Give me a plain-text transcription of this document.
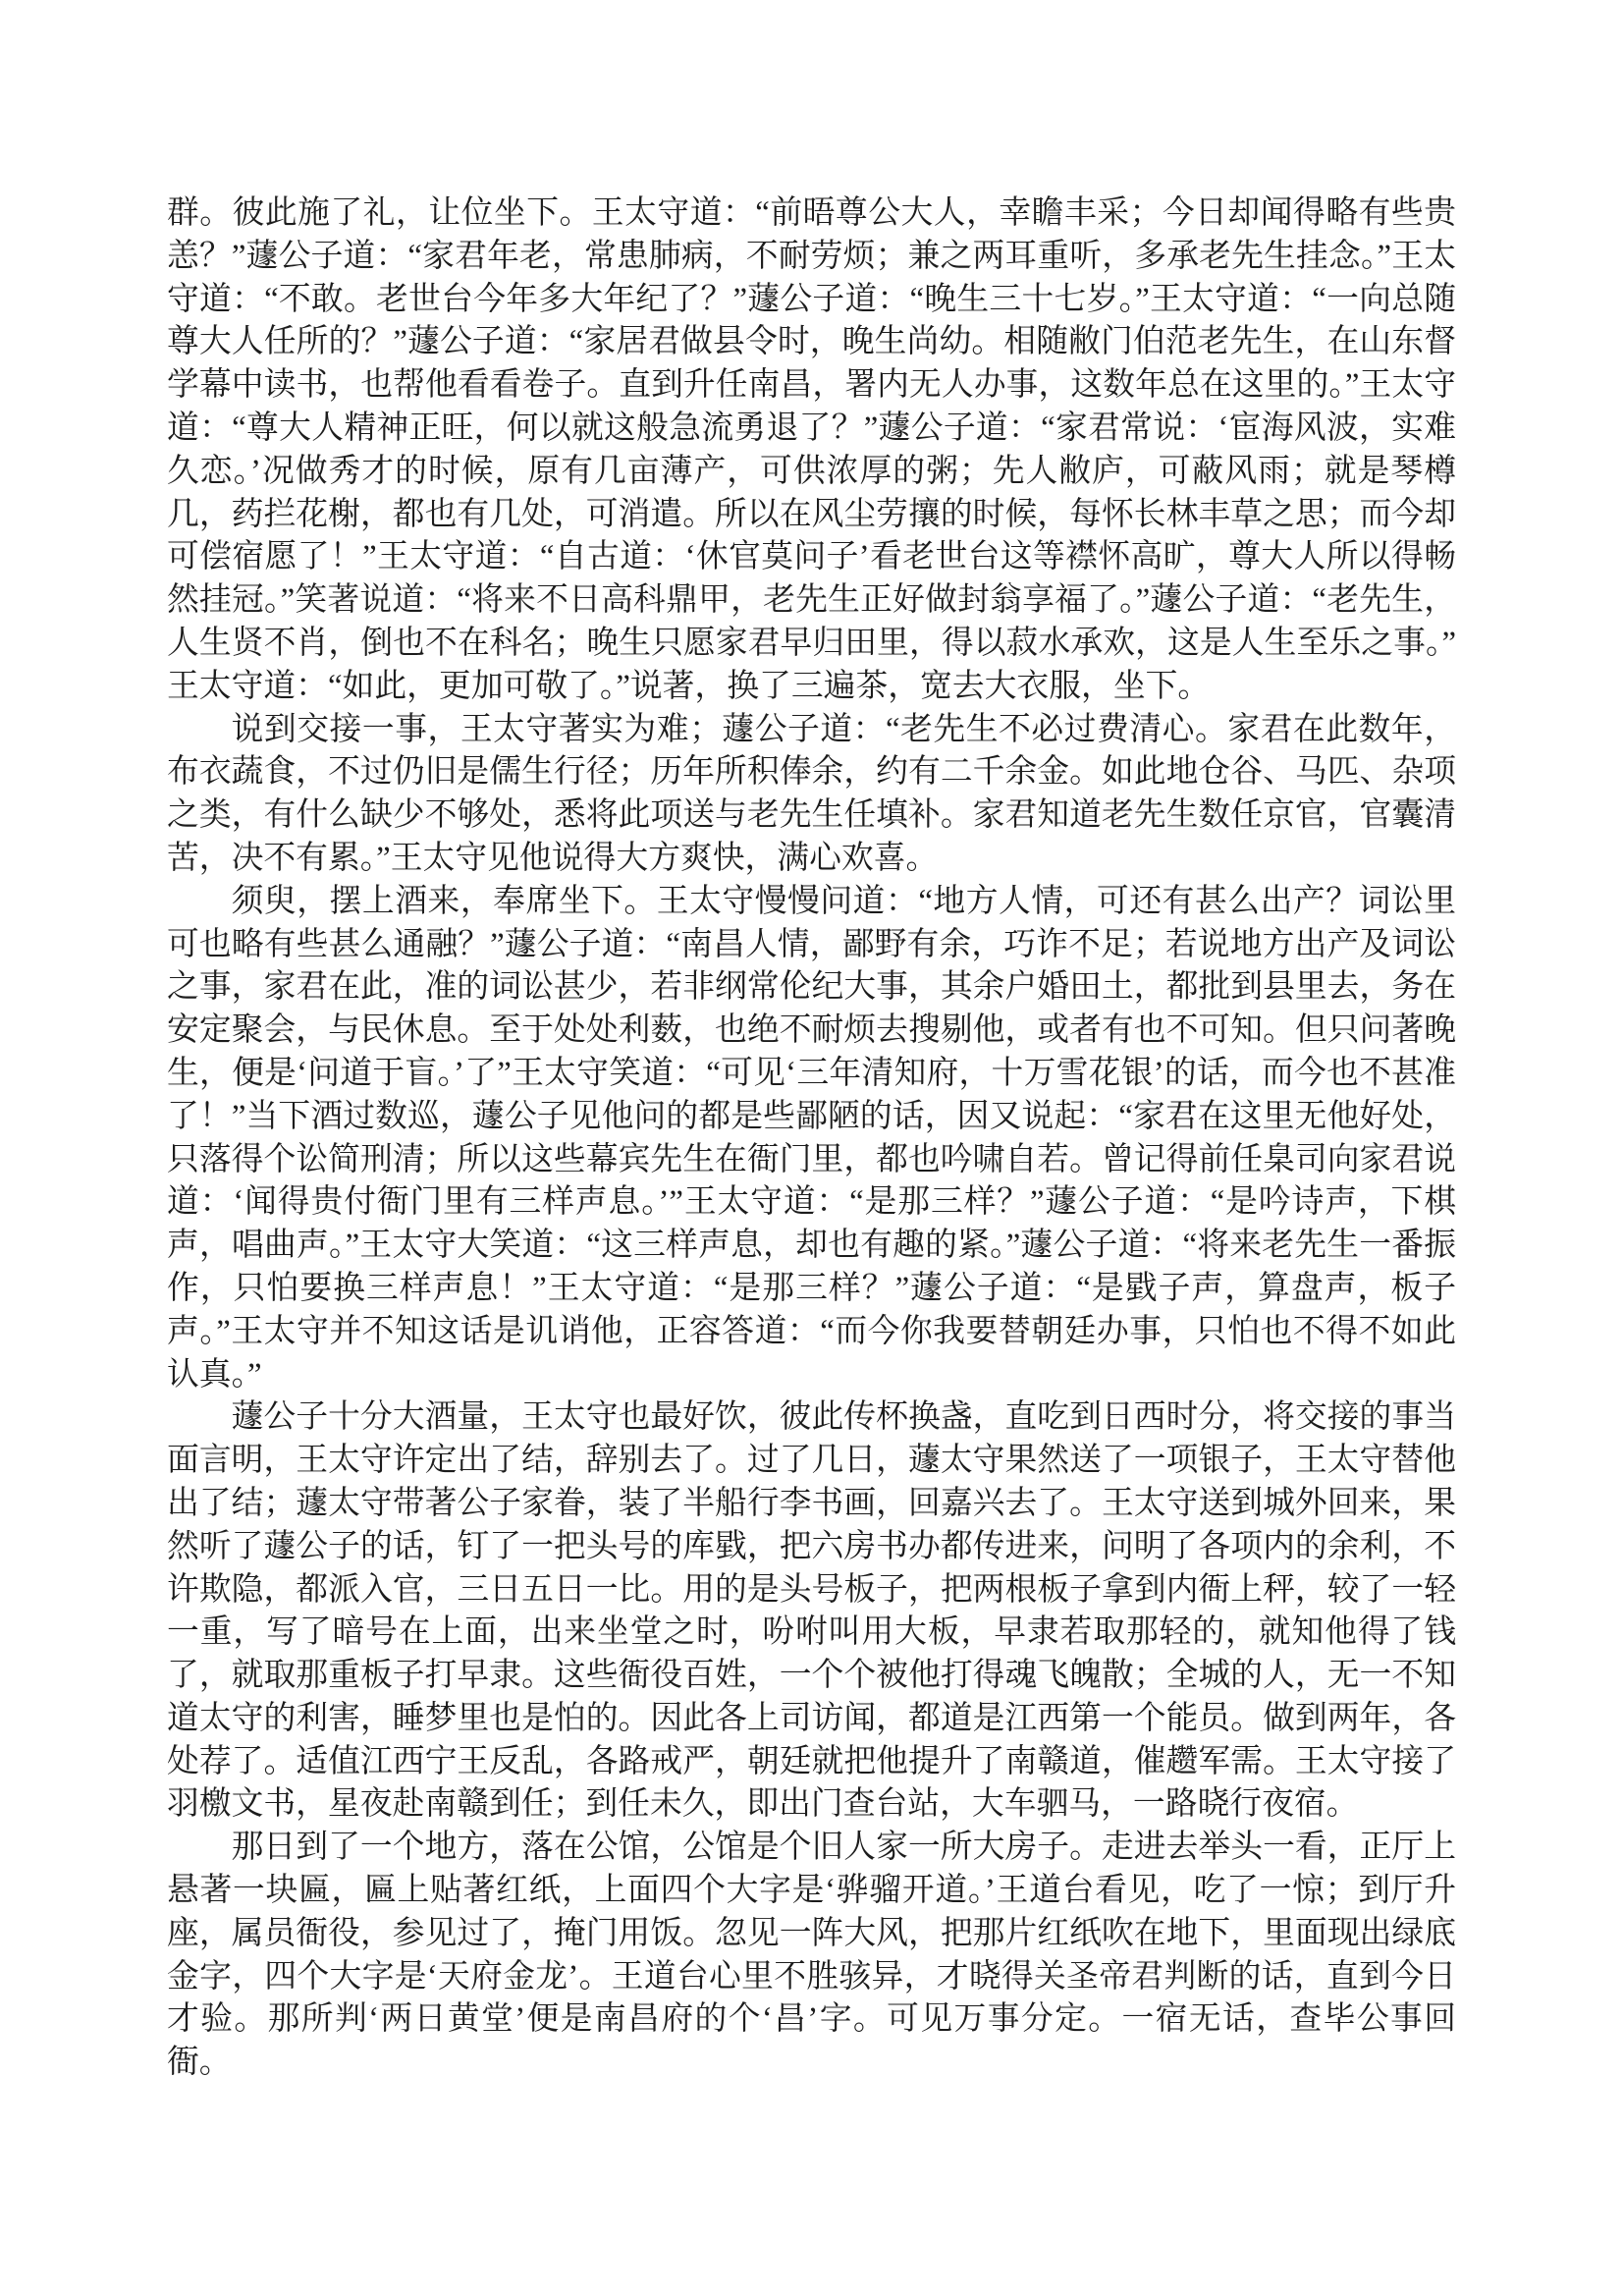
群。彼此施了礼，让位坐下。王太守道：“前晤尊公大人，幸瞻丰采；今日却闻得略有些贵恙？”蘧公子道：“家君年老，常患肺病，不耐劳烦；兼之两耳重听，多承老先生挂念。”王太守道：“不敢。老世台今年多大年纪了？”蘧公子道：“晚生三十七岁。”王太守道：“一向总随尊大人任所的？”蘧公子道：“家居君做县令时，晚生尚幼。相随敝门伯范老先生，在山东督学幕中读书，也帮他看看卷子。直到升任南昌，署内无人办事，这数年总在这里的。”王太守道：“尊大人精神正旺，何以就这般急流勇退了？”蘧公子道：“家君常说：‘宦海风波，实难久恋。’况做秀才的时候，原有几亩薄产，可供浓厚的粥；先人敝庐，可蔽风雨；就是琴樽几，药拦花榭，都也有几处，可消遣。所以在风尘劳攘的时候，每怀长林丰草之思；而今却可偿宿愿了！”王太守道：“自古道：‘休官莫问子’看老世台这等襟怀高旷，尊大人所以得畅然挂冠。”笑著说道：“将来不日高科鼎甲，老先生正好做封翁享福了。”蘧公子道：“老先生，人生贤不肖，倒也不在科名；晚生只愿家君早归田里，得以菽水承欢，这是人生至乐之事。”王太守道：“如此，更加可敬了。”说著，换了三遍茶，宽去大衣服，坐下。

说到交接一事，王太守著实为难；蘧公子道：“老先生不必过费清心。家君在此数年，布衣蔬食，不过仍旧是儒生行径；历年所积俸余，约有二千余金。如此地仓谷、马匹、杂项之类，有什么缺少不够处，悉将此项送与老先生任填补。家君知道老先生数任京官，官囊清苦，决不有累。”王太守见他说得大方爽快，满心欢喜。

须臾，摆上酒来，奉席坐下。王太守慢慢问道：“地方人情，可还有甚么出产？词讼里可也略有些甚么通融？”蘧公子道：“南昌人情，鄙野有余，巧诈不足；若说地方出产及词讼之事，家君在此，准的词讼甚少，若非纲常伦纪大事，其余户婚田土，都批到县里去，务在安定聚会，与民休息。至于处处利薮，也绝不耐烦去搜剔他，或者有也不可知。但只问著晚生，便是‘问道于盲。’了”王太守笑道：“可见‘三年清知府，十万雪花银’的话，而今也不甚准了！”当下酒过数巡，蘧公子见他问的都是些鄙陋的话，因又说起：“家君在这里无他好处，只落得个讼简刑清；所以这些幕宾先生在衙门里，都也吟啸自若。曾记得前任臬司向家君说道：‘闻得贵付衙门里有三样声息。’”王太守道：“是那三样？”蘧公子道：“是吟诗声，下棋声，唱曲声。”王太守大笑道：“这三样声息，却也有趣的紧。”蘧公子道：“将来老先生一番振作，只怕要换三样声息！”王太守道：“是那三样？”蘧公子道：“是戥子声，算盘声，板子声。”王太守并不知这话是讥诮他，正容答道：“而今你我要替朝廷办事，只怕也不得不如此认真。”

蘧公子十分大酒量，王太守也最好饮，彼此传杯换盏，直吃到日西时分，将交接的事当面言明，王太守许定出了结，辞别去了。过了几日，蘧太守果然送了一项银子，王太守替他出了结；蘧太守带著公子家眷，装了半船行李书画，回嘉兴去了。王太守送到城外回来，果然听了蘧公子的话，钉了一把头号的库戥，把六房书办都传进来，问明了各项内的余利，不许欺隐，都派入官，三日五日一比。用的是头号板子，把两根板子拿到内衙上秤，较了一轻一重，写了暗号在上面，出来坐堂之时，吩咐叫用大板，早隶若取那轻的，就知他得了钱了，就取那重板子打早隶。这些衙役百姓，一个个被他打得魂飞魄散；全城的人，无一不知道太守的利害，睡梦里也是怕的。因此各上司访闻，都道是江西第一个能员。做到两年，各处荐了。适值江西宁王反乱，各路戒严，朝廷就把他提升了南赣道，催趱军需。王太守接了羽檄文书，星夜赴南赣到任；到任未久，即出门查台站，大车驷马，一路晓行夜宿。

那日到了一个地方，落在公馆，公馆是个旧人家一所大房子。走进去举头一看，正厅上悬著一块匾，匾上贴著红纸，上面四个大字是‘骅骝开道。’王道台看见，吃了一惊；到厅升座，属员衙役，参见过了，掩门用饭。忽见一阵大风，把那片红纸吹在地下，里面现出绿底金字，四个大字是‘天府金龙’。王道台心里不胜骇异，才晓得关圣帝君判断的话，直到今日才验。那所判‘两日黄堂’便是南昌府的个‘昌’字。可见万事分定。一宿无话，查毕公事回衙。
